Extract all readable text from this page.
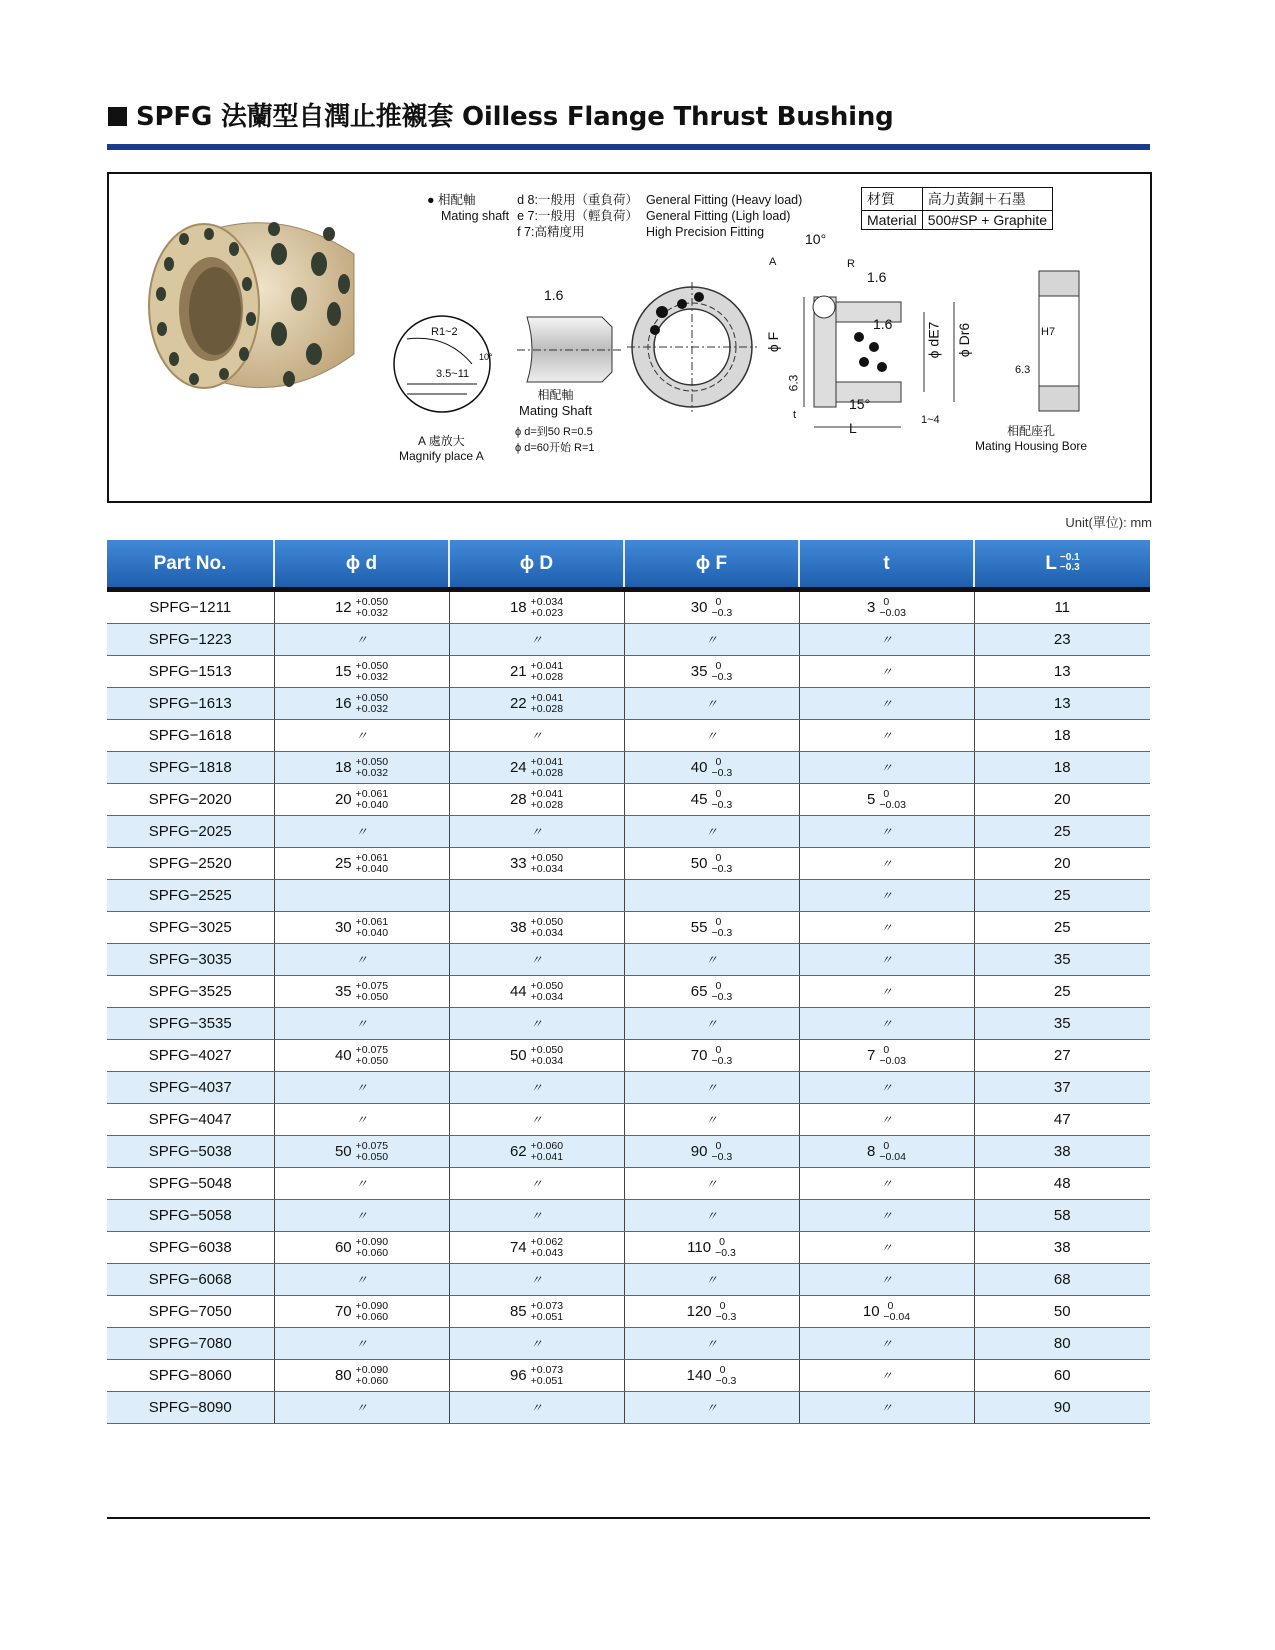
SPFG 法蘭型自潤止推襯套 Oilless Flange Thrust Bushing
● 相配軸
Mating shaft
d 8:一般用（重負荷）
e 7:一般用（輕負荷）
f 7:高精度用
General Fitting (Heavy load)
General Fitting (Ligh load)
High Precision Fitting
R1~2
3.5~11
10°
A 處放大
Magnify place A
1.6
相配軸
Mating Shaft
ϕ d=到50 R=0.5
ϕ d=60开始 R=1
10°
A	R
1.6
1.6
ϕ F	ϕ dE7 ϕ Dr6
6.3
15°
t
L	1~4
材質	高力黃銅＋石墨
Material	500#SP + Graphite
H7
6.3
相配座孔
Mating Housing Bore
Unit(單位): mm
Part No.	ϕ d	ϕ D	ϕ F	t	L −0.1
−0.3

SPFG−1211	12 +0.050
+0.032	18 +0.034
+0.023	30 0
−0.3	3 0
−0.03	11
SPFG−1223	〃	〃	〃	〃	23
SPFG−1513	15 +0.050
+0.032	21 +0.041
+0.028	35 0
−0.3	〃	13
SPFG−1613	16 +0.050
+0.032	22 +0.041
+0.028	〃	〃	13
SPFG−1618	〃	〃	〃	〃	18
SPFG−1818	18 +0.050
+0.032	24 +0.041
+0.028	40 0
−0.3	〃	18
SPFG−2020	20 +0.061
+0.040	28 +0.041
+0.028	45 0
−0.3	5 0
−0.03	20
SPFG−2025	〃	〃	〃	〃	25
SPFG−2520	25 +0.061
+0.040	33 +0.050
+0.034	50 0
−0.3	〃	20
SPFG−2525				〃	25
SPFG−3025	30 +0.061
+0.040	38 +0.050
+0.034	55 0
−0.3	〃	25
SPFG−3035	〃	〃	〃	〃	35
SPFG−3525	35 +0.075
+0.050	44 +0.050
+0.034	65 0
−0.3	〃	25
SPFG−3535	〃	〃	〃	〃	35
SPFG−4027	40 +0.075
+0.050	50 +0.050
+0.034	70 0
−0.3	7 0
−0.03	27
SPFG−4037	〃	〃	〃	〃	37
SPFG−4047	〃	〃	〃	〃	47
SPFG−5038	50 +0.075
+0.050	62 +0.060
+0.041	90 0
−0.3	8 0
−0.04	38
SPFG−5048	〃	〃	〃	〃	48
SPFG−5058	〃	〃	〃	〃	58
SPFG−6038	60 +0.090
+0.060	74 +0.062
+0.043	110 0
−0.3	〃	38
SPFG−6068	〃	〃	〃	〃	68
SPFG−7050	70 +0.090
+0.060	85 +0.073
+0.051	120 0
−0.3	10 0
−0.04	50
SPFG−7080	〃	〃	〃	〃	80
SPFG−8060	80 +0.090
+0.060	96 +0.073
+0.051	140 0
−0.3	〃	60
SPFG−8090	〃	〃	〃	〃	90
